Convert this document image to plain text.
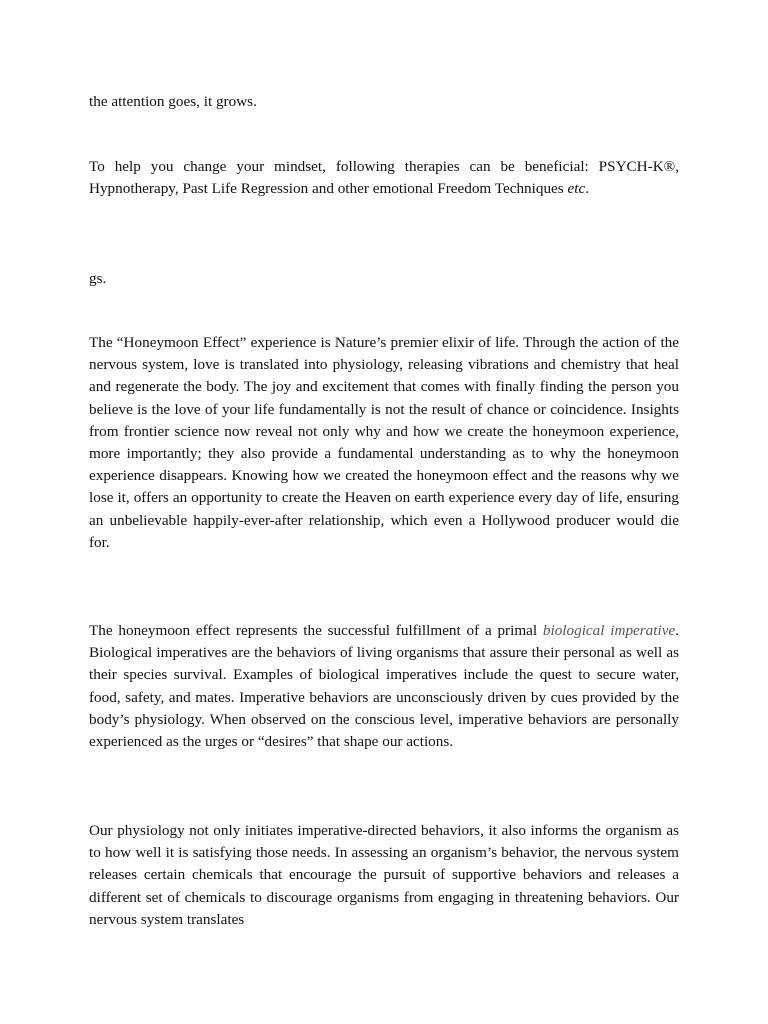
the attention goes, it grows.

To help you change your mindset, following therapies can be beneficial: PSYCH-K®, Hypnotherapy, Past Life Regression and other emotional Freedom Techniques etc.

gs.

The “Honeymoon Effect” experience is Nature’s premier elixir of life. Through the action of the nervous system, love is translated into physiology, releasing vibrations and chemistry that heal and regenerate the body. The joy and excitement that comes with finally finding the person you believe is the love of your life fundamentally is not the result of chance or coincidence. Insights from frontier science now reveal not only why and how we create the honeymoon experience, more importantly; they also provide a fundamental understanding as to why the honeymoon experience disappears. Knowing how we created the honeymoon effect and the reasons why we lose it, offers an opportunity to create the Heaven on earth experience every day of life, ensuring an unbelievable happily-ever-after relationship, which even a Hollywood producer would die for.

The honeymoon effect represents the successful fulfillment of a primal biological imperative. Biological imperatives are the behaviors of living organisms that assure their personal as well as their species survival. Examples of biological imperatives include the quest to secure water, food, safety, and mates. Imperative behaviors are unconsciously driven by cues provided by the body’s physiology. When observed on the conscious level, imperative behaviors are personally experienced as the urges or “desires” that shape our actions.

Our physiology not only initiates imperative-directed behaviors, it also informs the organism as to how well it is satisfying those needs. In assessing an organism’s behavior, the nervous system releases certain chemicals that encourage the pursuit of supportive behaviors and releases a different set of chemicals to discourage organisms from engaging in threatening behaviors. Our nervous system translates
